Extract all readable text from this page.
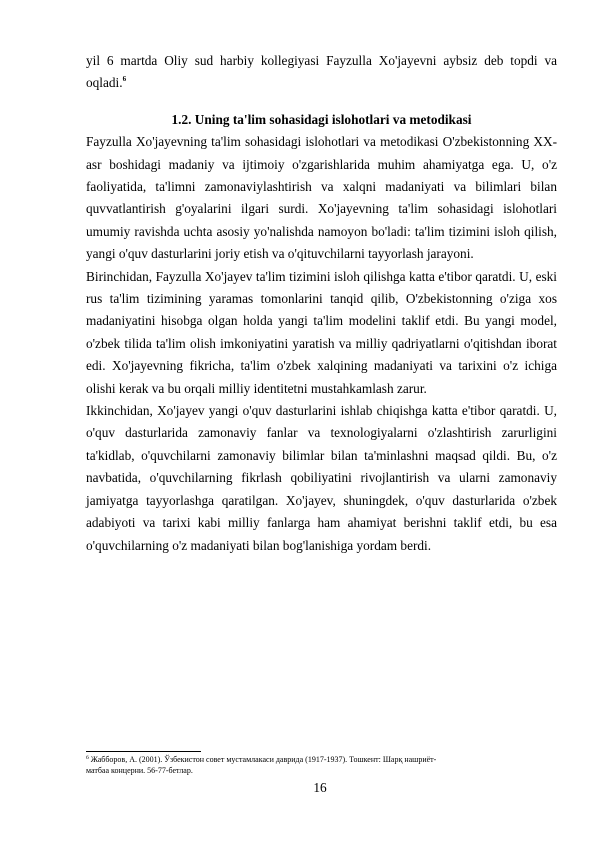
yil 6 martda Oliy sud harbiy kollegiyasi Fayzulla Xo'jayevni aybsiz deb topdi va oqladi.$^6$

1.2. Uning ta'lim sohasidagi islohotlari va metodikasi

Fayzulla Xo'jayevning ta'lim sohasidagi islohotlari va metodikasi O'zbekistonning XX-asr boshidagi madaniy va ijtimoiy o'zgarishlarida muhim ahamiyatga ega. U, o'z faoliyatida, ta'limni zamonaviylashtirish va xalqni madaniyati va bilimlari bilan quvvatlantirish g'oyalarini ilgari surdi. Xo'jayevning ta'lim sohasidagi islohotlari umumiy ravishda uchta asosiy yo'nalishda namoyon bo'ladi: ta'lim tizimini isloh qilish, yangi o'quv dasturlarini joriy etish va o'qituvchilarni tayyorlash jarayoni.

Birinchidan, Fayzulla Xo'jayev ta'lim tizimini isloh qilishga katta e'tibor qaratdi. U, eski rus ta'lim tizimining yaramas tomonlarini tanqid qilib, O'zbekistonning o'ziga xos madaniyatini hisobga olgan holda yangi ta'lim modelini taklif etdi. Bu yangi model, o'zbek tilida ta'lim olish imkoniyatini yaratish va milliy qadriyatlarni o'qitishdan iborat edi. Xo'jayevning fikricha, ta'lim o'zbek xalqining madaniyati va tarixini o'z ichiga olishi kerak va bu orqali milliy identitetni mustahkamlash zarur.

Ikkinchidan, Xo'jayev yangi o'quv dasturlarini ishlab chiqishga katta e'tibor qaratdi. U, o'quv dasturlarida zamonaviy fanlar va texnologiyalarni o'zlashtirish zarurligini ta'kidlab, o'quvchilarni zamonaviy bilimlar bilan ta'minlashni maqsad qildi. Bu, o'z navbatida, o'quvchilarning fikrlash qobiliyatini rivojlantirish va ularni zamonaviy jamiyatga tayyorlashga qaratilgan. Xo'jayev, shuningdek, o'quv dasturlarida o'zbek adabiyoti va tarixi kabi milliy fanlarga ham ahamiyat berishni taklif etdi, bu esa o'quvchilarning o'z madaniyati bilan bog'lanishiga yordam berdi.

$^6$ Жабборов, А. (2001). Ўзбекистон совет мустамлакаси даврида (1917-1937). Тошкент: Шарқ нашриёт-
матбаа концерни. 56-77-бетлар.
16
